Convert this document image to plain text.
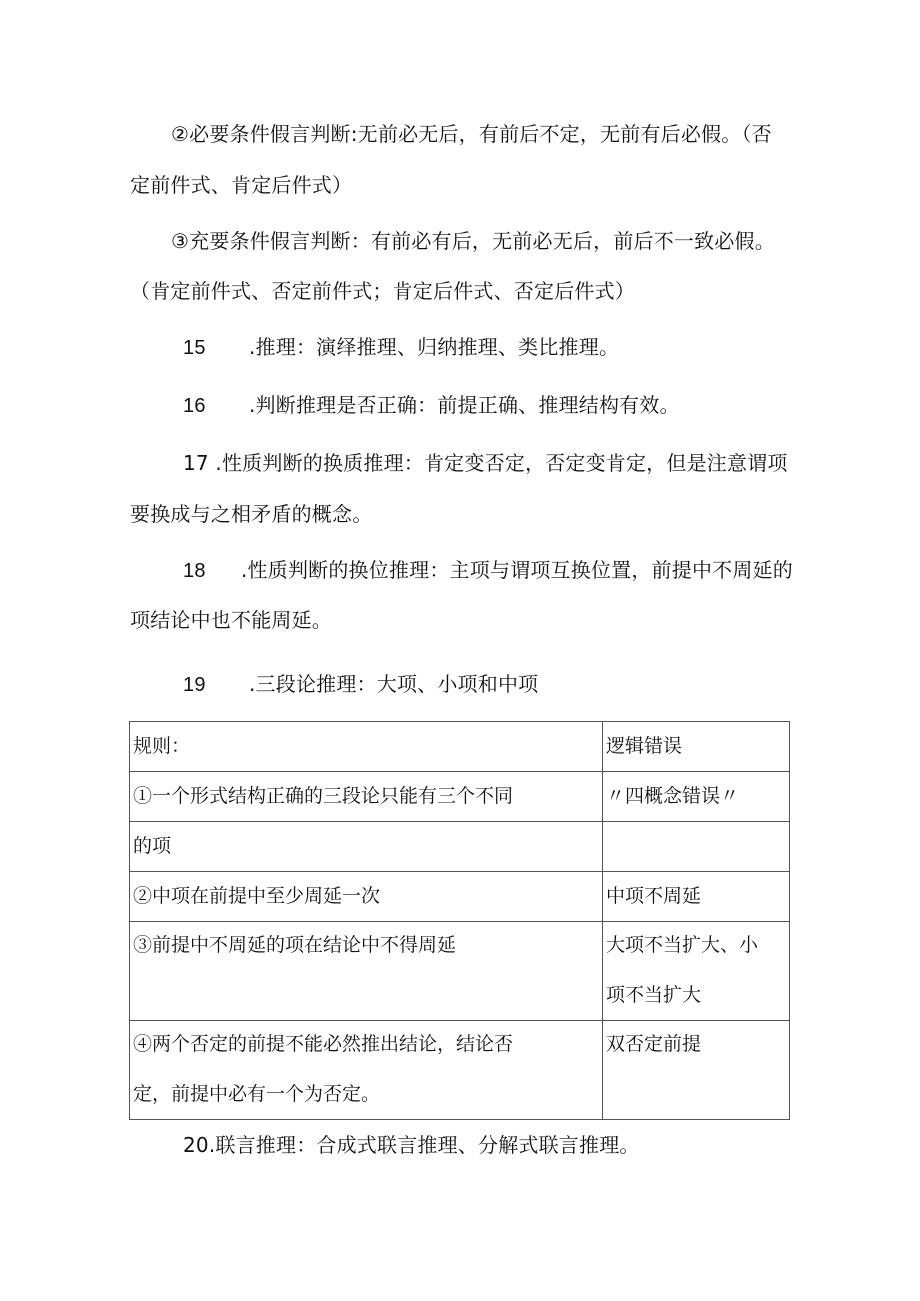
②必要条件假言判断:无前必无后，有前后不定，无前有后必假。（否
定前件式、肯定后件式）
③充要条件假言判断：有前必有后，无前必无后，前后不一致必假。
（肯定前件式、否定前件式；肯定后件式、否定后件式）
15 .推理：演绎推理、归纳推理、类比推理。
16 .判断推理是否正确：前提正确、推理结构有效。
17 .性质判断的换质推理：肯定变否定，否定变肯定，但是注意谓项
要换成与之相矛盾的概念。
18 .性质判断的换位推理：主项与谓项互换位置，前提中不周延的
项结论中也不能周延。
19 .三段论推理：大项、小项和中项
规则：	逻辑错误

①一个形式结构正确的三段论只能有三个不同	〃四概念错误〃

的项	

②中项在前提中至少周延一次	中项不周延

③前提中不周延的项在结论中不得周延	大项不当扩大、小
项不当扩大

④两个否定的前提不能必然推出结论，结论否
定，前提中必有一个为否定。	双否定前提
20.联言推理：合成式联言推理、分解式联言推理。
